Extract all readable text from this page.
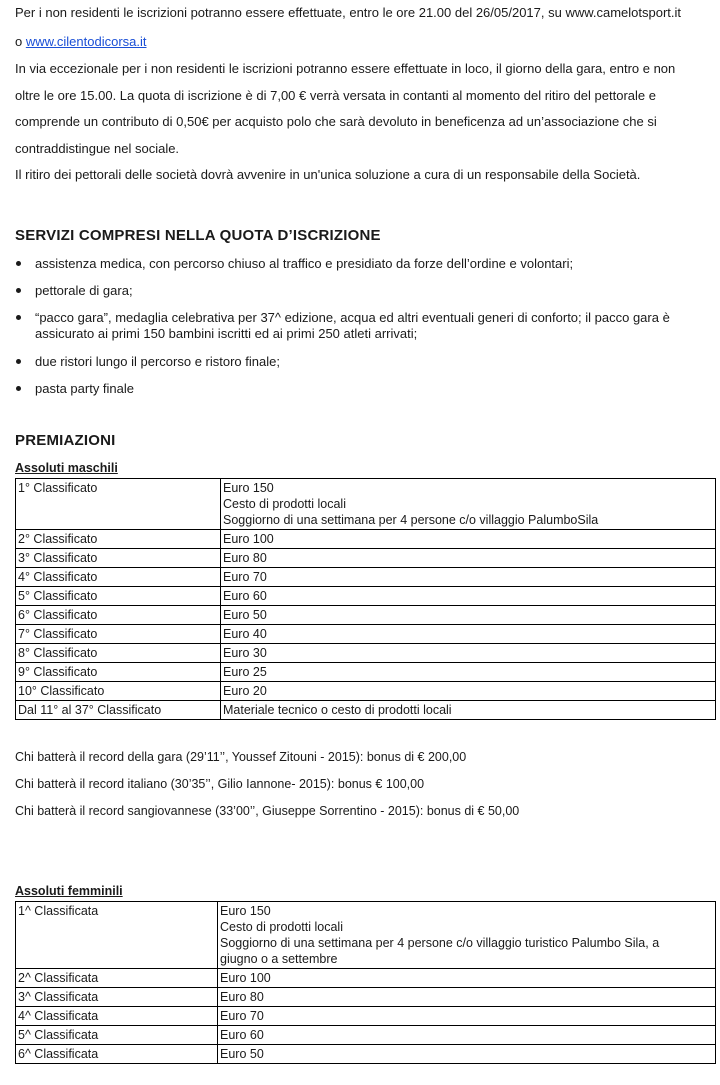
Per i non residenti le iscrizioni potranno essere effettuate, entro le ore 21.00 del 26/05/2017, su www.camelotsport.it
o www.cilentodicorsa.it
In via eccezionale per i non residenti le iscrizioni potranno essere effettuate in loco, il giorno della gara, entro e non
oltre le ore 15.00. La quota di iscrizione è di 7,00 € verrà versata in contanti al momento del ritiro del pettorale e
comprende un contributo di 0,50€ per acquisto polo che sarà devoluto in beneficenza ad un’associazione che si
contraddistingue nel sociale.
Il ritiro dei pettorali delle società dovrà avvenire in un'unica soluzione a cura di un responsabile della Società.
SERVIZI COMPRESI NELLA QUOTA D’ISCRIZIONE
assistenza medica, con percorso chiuso al traffico e presidiato da forze dell’ordine e volontari;
pettorale di gara;
“pacco gara”, medaglia celebrativa per 37^ edizione, acqua ed altri eventuali generi di conforto; il pacco gara è assicurato ai primi 150 bambini iscritti ed ai primi 250 atleti arrivati;
due ristori lungo il percorso e ristoro finale;
pasta party finale
PREMIAZIONI
Assoluti maschili
1° Classificato	Euro 150
Cesto di prodotti locali
Soggiorno di una settimana per 4 persone c/o villaggio PalumboSila

2° Classificato	Euro 100

3° Classificato	Euro 80

4° Classificato	Euro 70

5° Classificato	Euro 60

6° Classificato	Euro 50

7° Classificato	Euro 40

8° Classificato	Euro 30

9° Classificato	Euro 25

10° Classificato	Euro 20

Dal 11° al 37° Classificato	Materiale tecnico o cesto di prodotti locali
Chi batterà il record della gara (29’11’’, Youssef Zitouni - 2015): bonus di € 200,00
Chi batterà il record italiano (30’35’’, Gilio Iannone- 2015): bonus € 100,00
Chi batterà il record sangiovannese (33’00’’, Giuseppe Sorrentino - 2015): bonus di € 50,00
Assoluti femminili
1^ Classificata	Euro 150
Cesto di prodotti locali
Soggiorno di una settimana per 4 persone c/o villaggio turistico Palumbo Sila, a
giugno o a settembre

2^ Classificata	Euro 100

3^ Classificata	Euro 80

4^ Classificata	Euro 70

5^ Classificata	Euro 60

6^ Classificata	Euro 50
